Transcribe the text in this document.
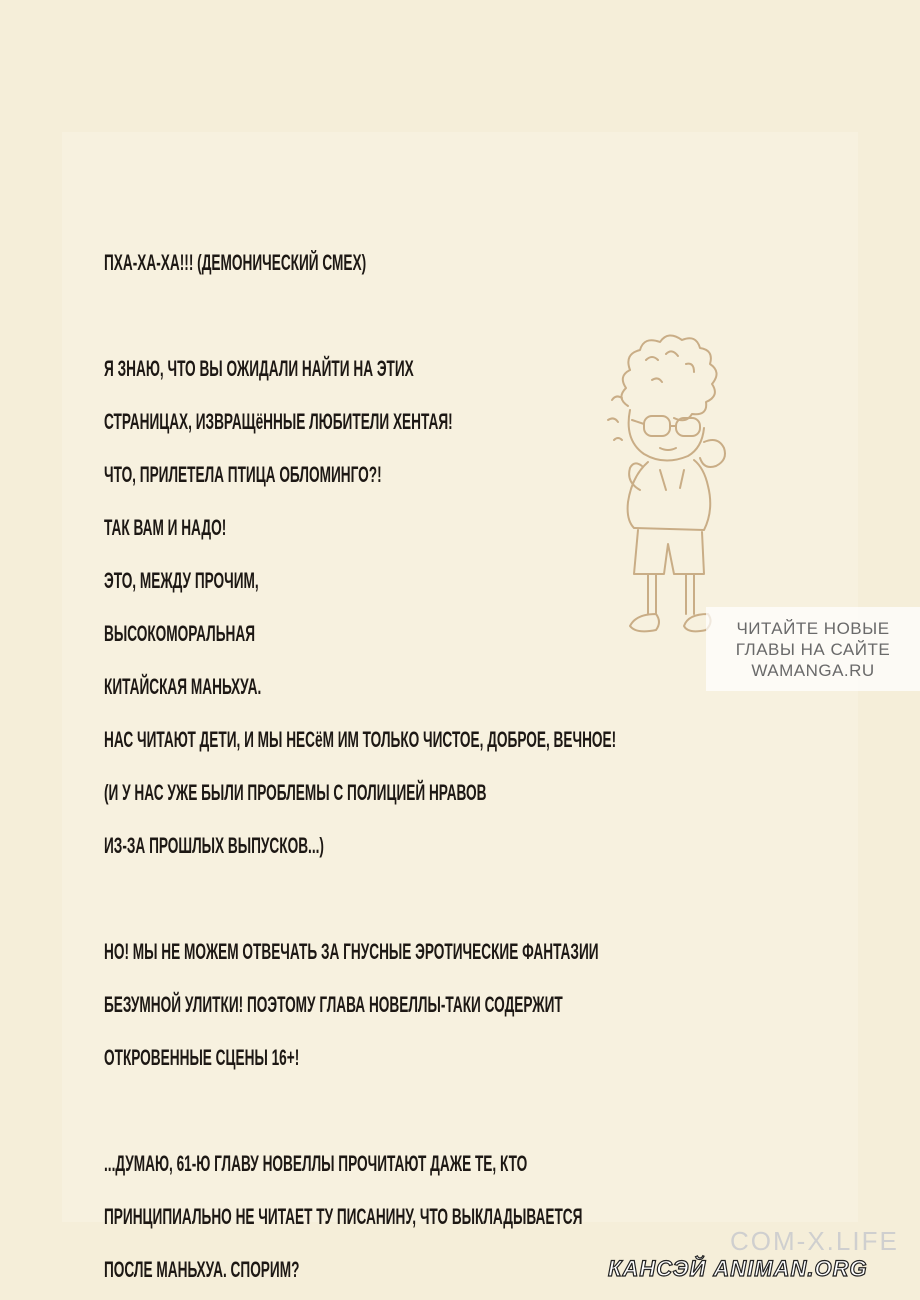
ПХА-ХА-ХА!!! (ДЕМОНИЧЕСКИЙ СМЕХ)
Я ЗНАЮ, ЧТО ВЫ ОЖИДАЛИ НАЙТИ НА ЭТИХ
СТРАНИЦАХ, ИЗВРАЩёННЫЕ ЛЮБИТЕЛИ ХЕНТАЯ!
ЧТО, ПРИЛЕТЕЛА ПТИЦА ОБЛОМИНГО?!
ТАК ВАМ И НАДО!
ЭТО, МЕЖДУ ПРОЧИМ,
ВЫСОКОМОРАЛЬНАЯ
КИТАЙСКАЯ МАНЬХУА.
НАС ЧИТАЮТ ДЕТИ, И МЫ НЕСёМ ИМ ТОЛЬКО ЧИСТОЕ, ДОБРОЕ, ВЕЧНОЕ!
(И У НАС УЖЕ БЫЛИ ПРОБЛЕМЫ С ПОЛИЦИЕЙ НРАВОВ
ИЗ-ЗА ПРОШЛЫХ ВЫПУСКОВ...)
НО! МЫ НЕ МОЖЕМ ОТВЕЧАТЬ ЗА ГНУСНЫЕ ЭРОТИЧЕСКИЕ ФАНТАЗИИ
БЕЗУМНОЙ УЛИТКИ! ПОЭТОМУ ГЛАВА НОВЕЛЛЫ-ТАКИ СОДЕРЖИТ
ОТКРОВЕННЫЕ СЦЕНЫ 16+!
...ДУМАЮ, 61-Ю ГЛАВУ НОВЕЛЛЫ ПРОЧИТАЮТ ДАЖЕ ТЕ, КТО
ПРИНЦИПИАЛЬНО НЕ ЧИТАЕТ ТУ ПИСАНИНУ, ЧТО ВЫКЛАДЫВАЕТСЯ
ПОСЛЕ МАНЬХУА. СПОРИМ?
ЧИТАЙТЕ НОВЫЕ
ГЛАВЫ НА САЙТЕ
WAMANGA.RU
COM-X.LIFE
КАНСЭЙ ANIMAN.ORG
